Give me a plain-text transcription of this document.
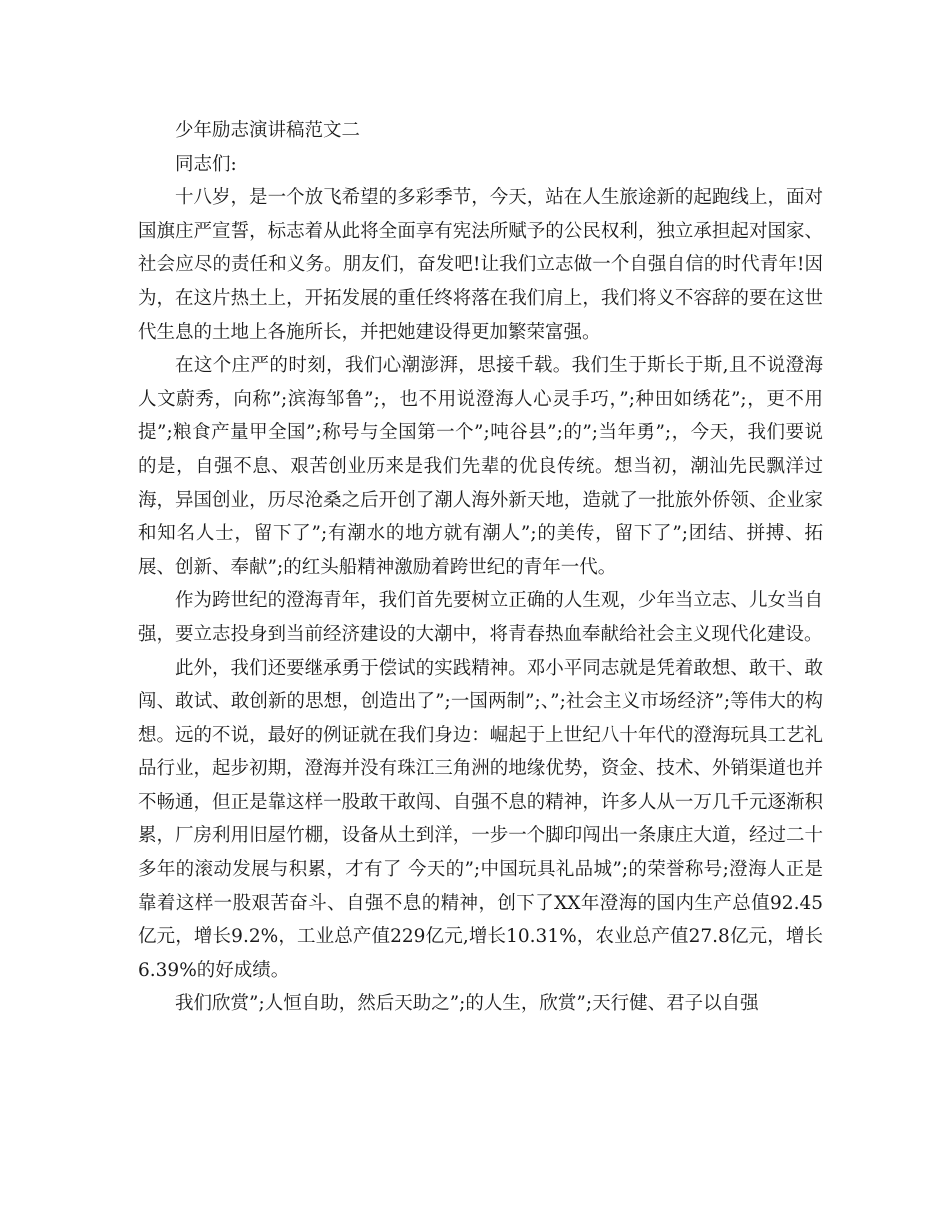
少年励志演讲稿范文二

同志们:

十八岁，是一个放飞希望的多彩季节，今天，站在人生旅途新的起跑线上，面对国旗庄严宣誓，标志着从此将全面享有宪法所赋予的公民权利，独立承担起对国家、社会应尽的责任和义务。朋友们，奋发吧!让我们立志做一个自强自信的时代青年!因为，在这片热土上，开拓发展的重任终将落在我们肩上，我们将义不容辞的要在这世代生息的土地上各施所长，并把她建设得更加繁荣富强。

在这个庄严的时刻，我们心潮澎湃，思接千载。我们生于斯长于斯,且不说澄海人文蔚秀，向称”;滨海邹鲁”;，也不用说澄海人心灵手巧，”;种田如绣花”;，更不用提”;粮食产量甲全国”;称号与全国第一个”;吨谷县”;的”;当年勇”;，今天，我们要说的是，自强不息、艰苦创业历来是我们先辈的优良传统。想当初，潮汕先民飘洋过海，异国创业，历尽沧桑之后开创了潮人海外新天地，造就了一批旅外侨领、企业家和知名人士，留下了”;有潮水的地方就有潮人”;的美传，留下了”;团结、拼搏、拓展、创新、奉献”;的红头船精神激励着跨世纪的青年一代。

作为跨世纪的澄海青年，我们首先要树立正确的人生观，少年当立志、儿女当自强，要立志投身到当前经济建设的大潮中，将青春热血奉献给社会主义现代化建设。

此外，我们还要继承勇于偿试的实践精神。邓小平同志就是凭着敢想、敢干、敢闯、敢试、敢创新的思想，创造出了”;一国两制”;、”;社会主义市场经济”;等伟大的构想。远的不说，最好的例证就在我们身边：崛起于上世纪八十年代的澄海玩具工艺礼品行业，起步初期，澄海并没有珠江三角洲的地缘优势，资金、技术、外销渠道也并不畅通，但正是靠这样一股敢干敢闯、自强不息的精神，许多人从一万几千元逐渐积累，厂房利用旧屋竹棚，设备从土到洋，一步一个脚印闯出一条康庄大道，经过二十多年的滚动发展与积累，才有了 今天的”;中国玩具礼品城”;的荣誉称号;澄海人正是靠着这样一股艰苦奋斗、自强不息的精神，创下了XX年澄海的国内生产总值92.45亿元，增长9.2%，工业总产值229亿元,增长10.31%，农业总产值27.8亿元，增长6.39%的好成绩。

我们欣赏”;人恒自助，然后天助之”;的人生，欣赏”;天行健、君子以自强
